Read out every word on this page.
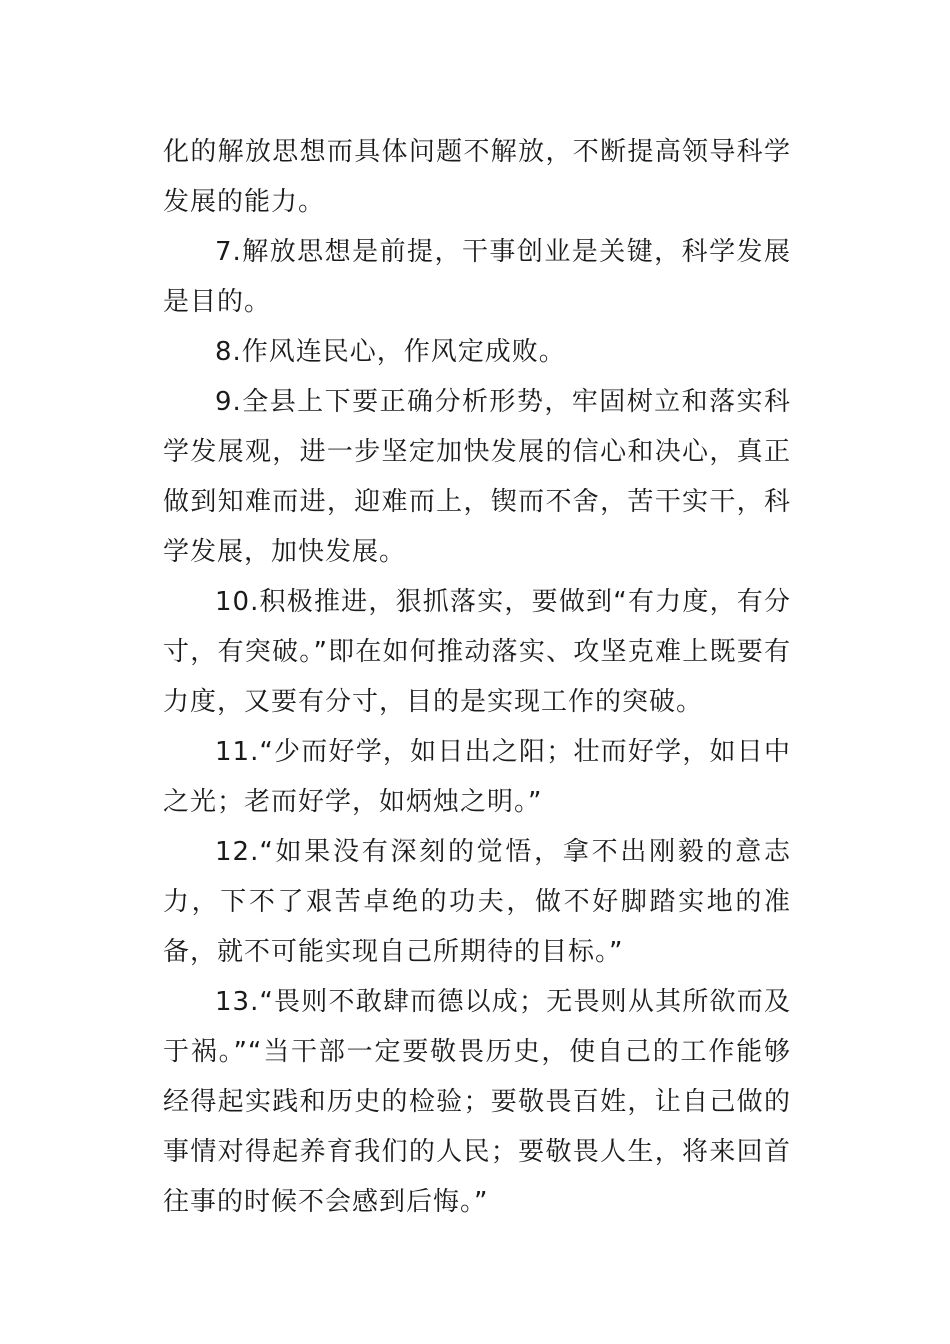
化的解放思想而具体问题不解放，不断提高领导科学发展的能力。

7.解放思想是前提，干事创业是关键，科学发展是目的。

8.作风连民心，作风定成败。

9.全县上下要正确分析形势，牢固树立和落实科学发展观，进一步坚定加快发展的信心和决心，真正做到知难而进，迎难而上，锲而不舍，苦干实干，科学发展，加快发展。

10.积极推进，狠抓落实，要做到“有力度，有分寸，有突破。”即在如何推动落实、攻坚克难上既要有力度，又要有分寸，目的是实现工作的突破。

11.“少而好学，如日出之阳；壮而好学，如日中之光；老而好学，如炳烛之明。”

12.“如果没有深刻的觉悟，拿不出刚毅的意志力，下不了艰苦卓绝的功夫，做不好脚踏实地的准备，就不可能实现自己所期待的目标。”

13.“畏则不敢肆而德以成；无畏则从其所欲而及于祸。”“当干部一定要敬畏历史，使自己的工作能够经得起实践和历史的检验；要敬畏百姓，让自己做的事情对得起养育我们的人民；要敬畏人生，将来回首往事的时候不会感到后悔。”
